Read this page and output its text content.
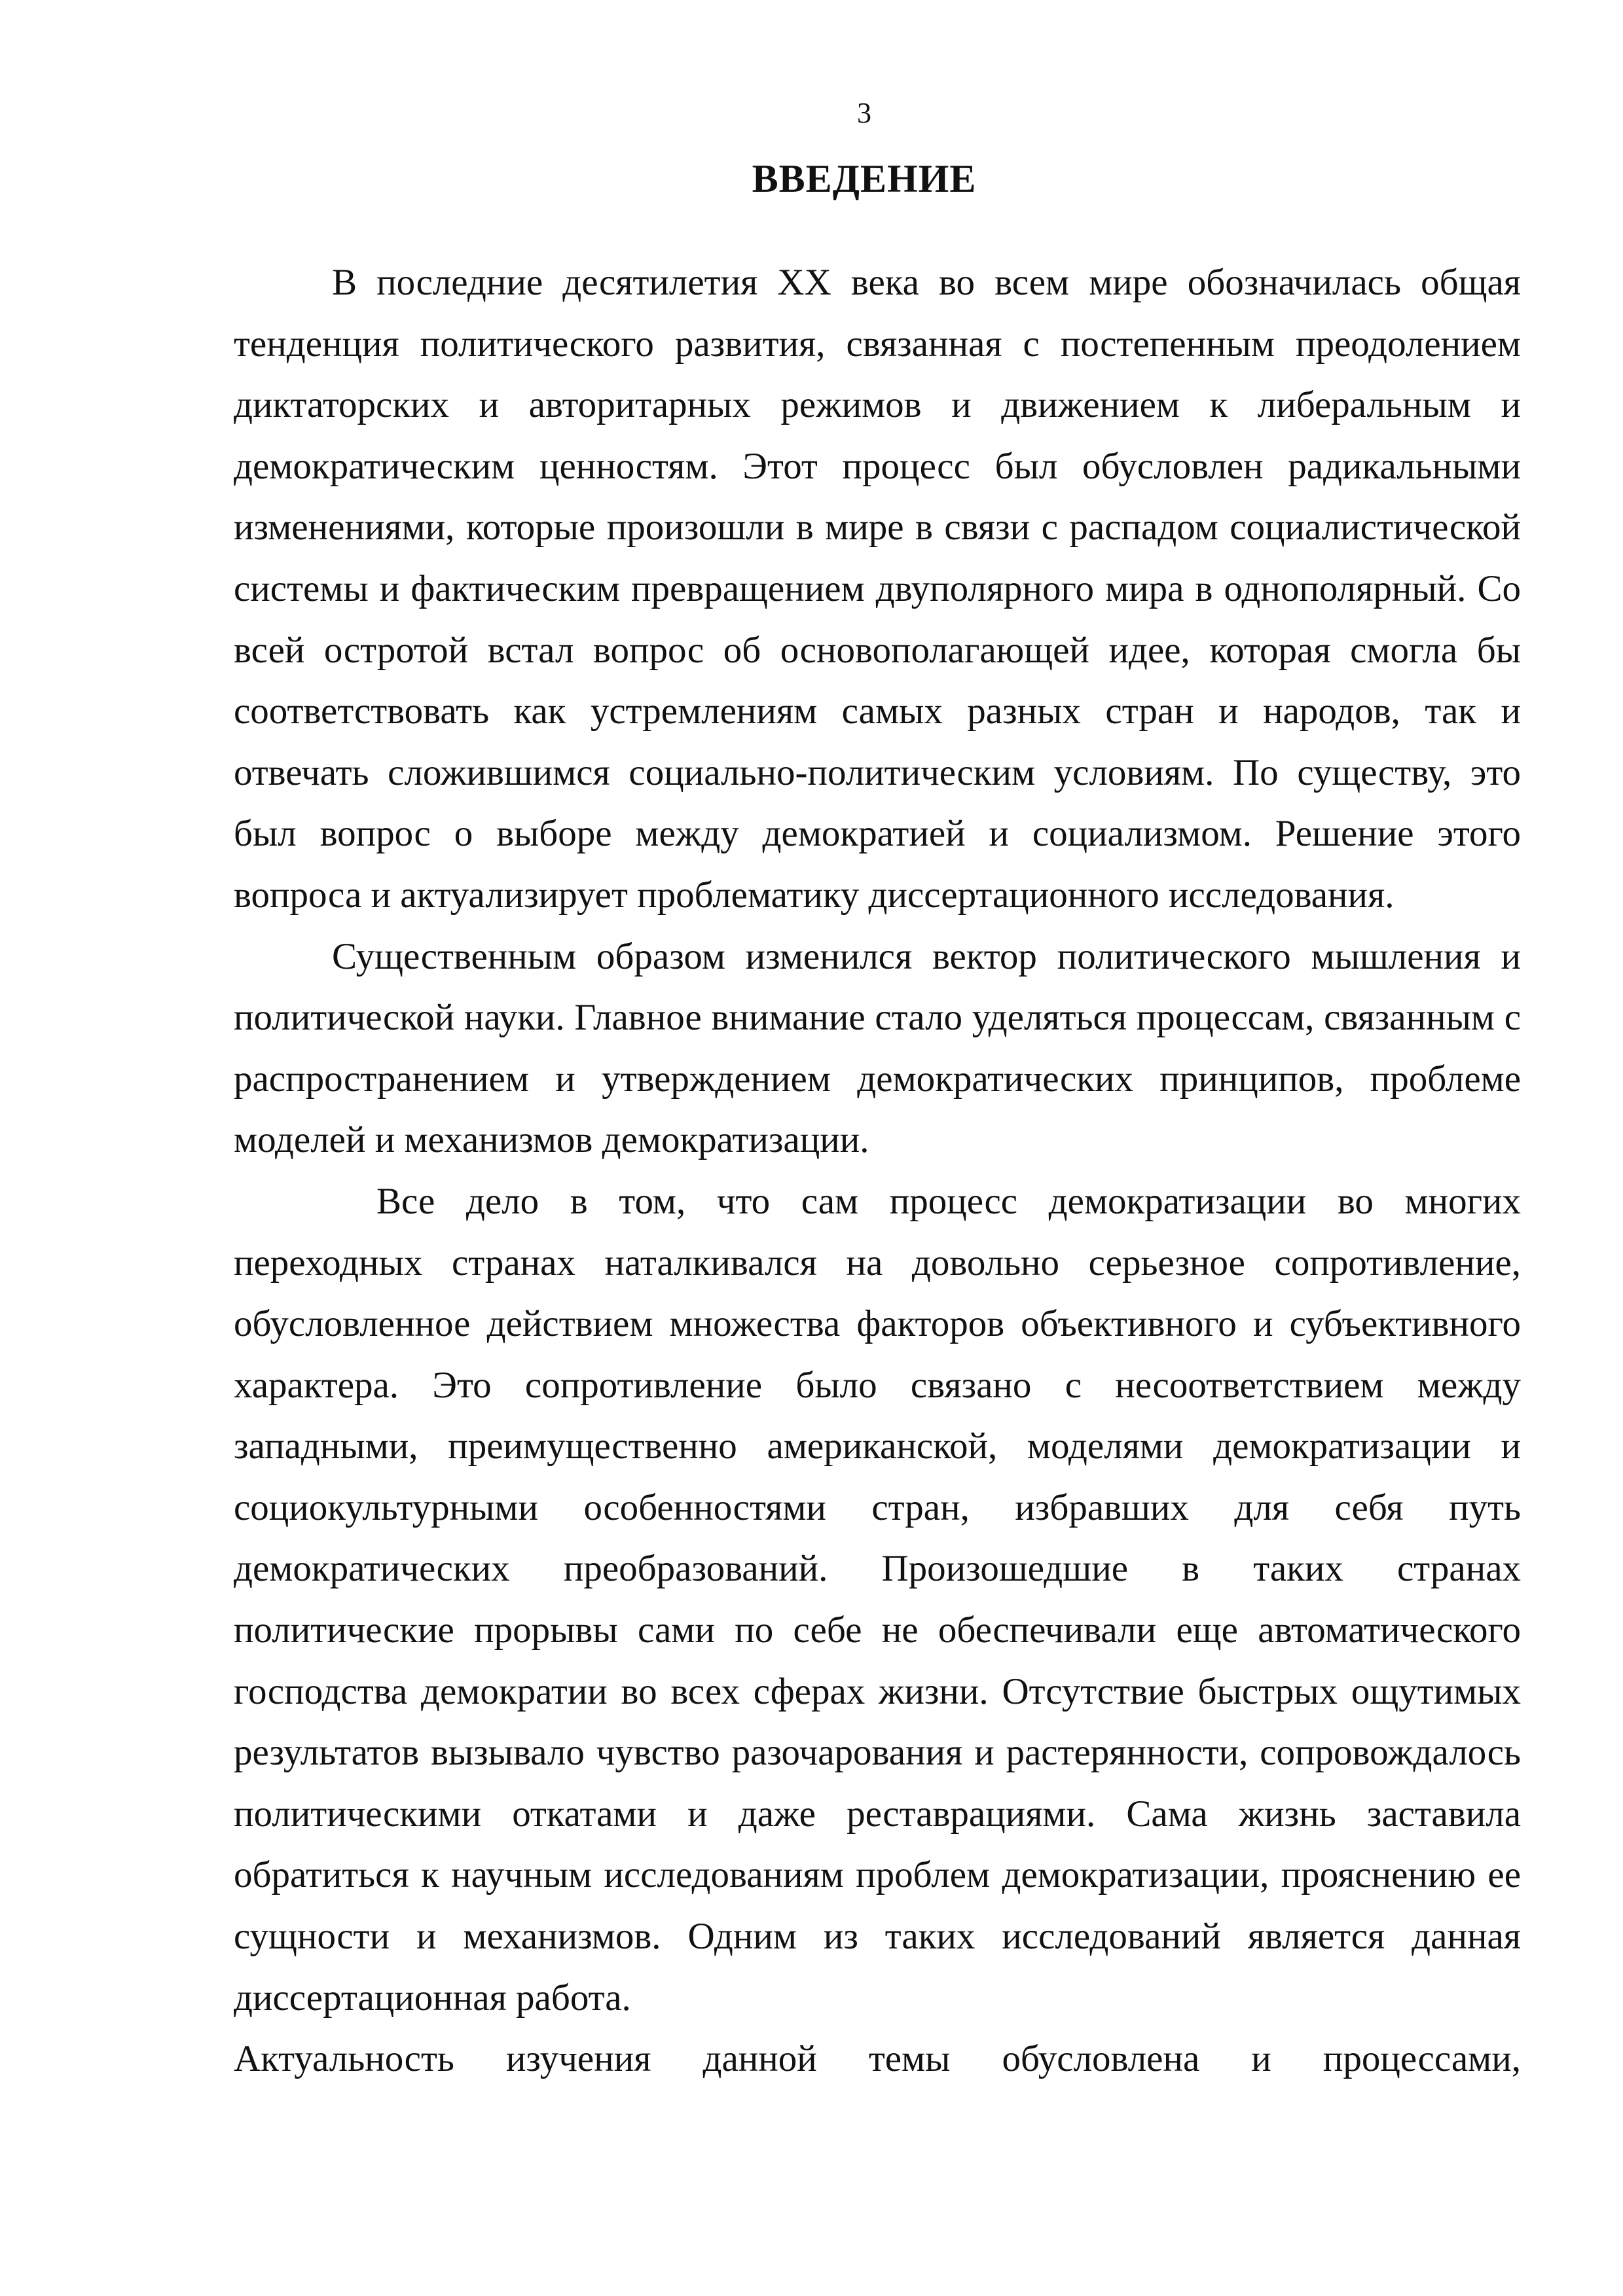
3
ВВЕДЕНИЕ

В последние десятилетия XX века во всем мире обозначилась общая тенденция политического развития, связанная с постепенным преодолением диктаторских и авторитарных режимов и движением к либеральным и демократическим ценностям. Этот процесс был обусловлен радикальными изменениями, которые произошли в мире в связи с распадом социалистической системы и фактическим превращением двуполярного мира в однополярный. Со всей остротой встал вопрос об основополагающей идее, которая смогла бы соответствовать как устремлениям самых разных стран и народов, так и отвечать сложившимся социально-политическим условиям. По существу, это был вопрос о выборе между демократией и социализмом. Решение этого вопроса и актуализирует проблематику диссертационного исследования.

Существенным образом изменился вектор политического мышления и политической науки. Главное внимание стало уделяться процессам, связанным с распространением и утверждением демократических принципов, проблеме моделей и механизмов демократизации.

Все дело в том, что сам процесс демократизации во многих переходных странах наталкивался на довольно серьезное сопротивление, обусловленное действием множества факторов объективного и субъективного характера. Это сопротивление было связано с несоответствием между западными, преимущественно американской, моделями демократизации и социокультурными особенностями стран, избравших для себя путь демократических преобразований. Произошедшие в таких странах политические прорывы сами по себе не обеспечивали еще автоматического господства демократии во всех сферах жизни. Отсутствие быстрых ощутимых результатов вызывало чувство разочарования и растерянности, сопровождалось политическими откатами и даже реставрациями. Сама жизнь заставила обратиться к научным исследованиям проблем демократизации, прояснению ее сущности и механизмов. Одним из таких исследований является данная диссертационная работа.

Актуальность изучения данной темы обусловлена и процессами,
